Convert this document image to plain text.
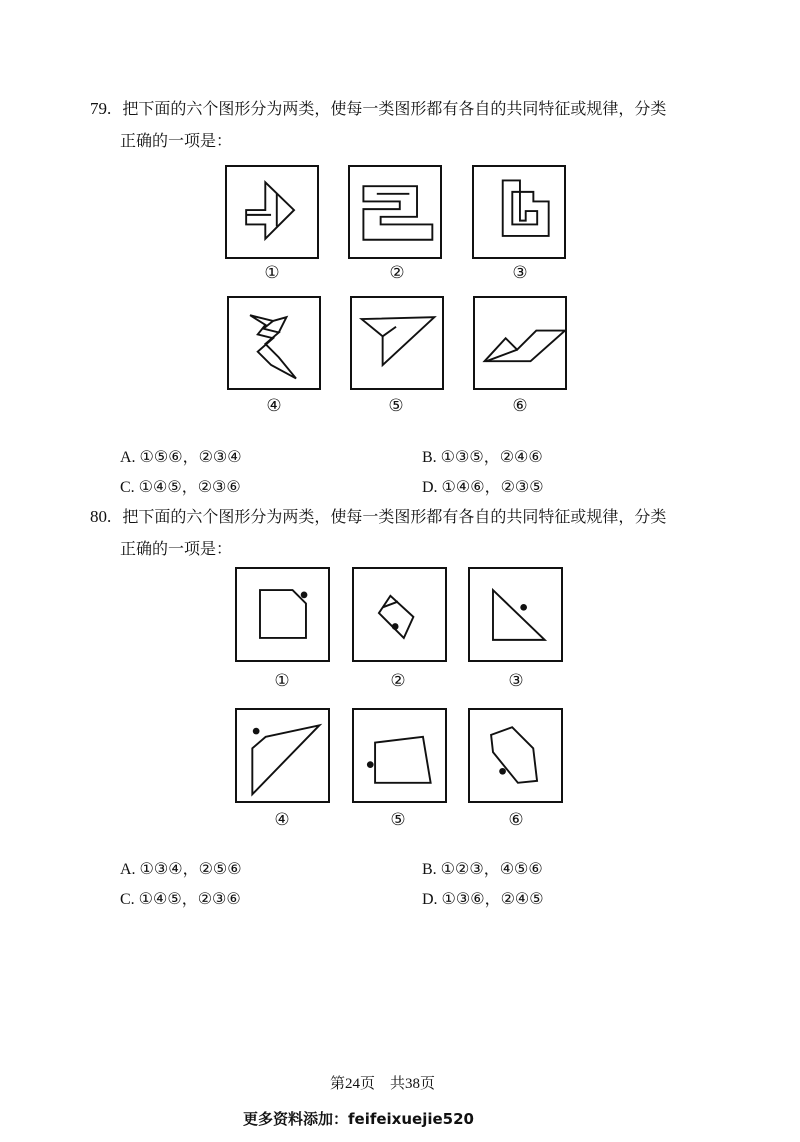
79. 把下面的六个图形分为两类，使每一类图形都有各自的共同特征或规律，分类
正确的一项是：
①	②	③
④	⑤	⑥
A. ①⑤⑥，②③④	B. ①③⑤，②④⑥
C. ①④⑤，②③⑥	D. ①④⑥，②③⑤
80. 把下面的六个图形分为两类，使每一类图形都有各自的共同特征或规律，分类
正确的一项是：
①	②	③
④	⑤	⑥
A. ①③④，②⑤⑥	B. ①②③，④⑤⑥
C. ①④⑤，②③⑥	D. ①③⑥，②④⑤
第24页　共38页
更多资料添加：feifeixuejie520
